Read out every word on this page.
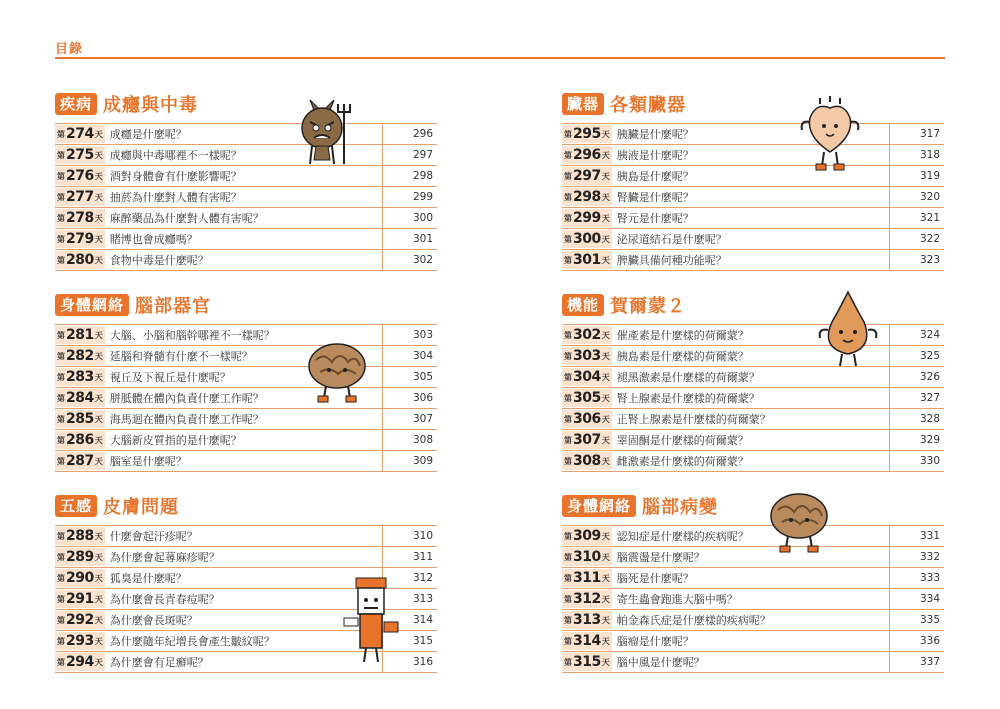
目錄
疾病 成癮與中毒
第 274 天 成癮是什麼呢？	296
第 275 天 成癮與中毒哪裡不一樣呢？	297
第 276 天 酒對身體會有什麼影響呢？	298
第 277 天 抽菸為什麼對人體有害呢？	299
第 278 天 麻醉藥品為什麼對人體有害呢？	300
第 279 天 賭博也會成癮嗎？	301
第 280 天 食物中毒是什麼呢？	302
身體網絡 腦部器官
第 281 天 大腦、小腦和腦幹哪裡不一樣呢？	303
第 282 天 延腦和脊髓有什麼不一樣呢？	304
第 283 天 視丘及下視丘是什麼呢？	305
第 284 天 胼胝體在體內負責什麼工作呢？	306
第 285 天 海馬迴在體內負責什麼工作呢？	307
第 286 天 大腦新皮質指的是什麼呢？	308
第 287 天 腦室是什麼呢？	309
五感 皮膚問題
第 288 天 什麼會起汗疹呢？	310
第 289 天 為什麼會起蕁麻疹呢？	311
第 290 天 狐臭是什麼呢？	312
第 291 天 為什麼會長青春痘呢？	313
第 292 天 為什麼會長斑呢？	314
第 293 天 為什麼隨年紀增長會產生皺紋呢？	315
第 294 天 為什麼會有足癬呢？	316
臟器 各類臟器
第 295 天 胰臟是什麼呢？	317
第 296 天 胰液是什麼呢？	318
第 297 天 胰島是什麼呢？	319
第 298 天 腎臟是什麼呢？	320
第 299 天 腎元是什麼呢？	321
第 300 天 泌尿道結石是什麼呢？	322
第 301 天 脾臟具備何種功能呢？	323
機能 賀爾蒙２
第 302 天 催產素是什麼樣的荷爾蒙？	324
第 303 天 胰島素是什麼樣的荷爾蒙？	325
第 304 天 褪黑激素是什麼樣的荷爾蒙？	326
第 305 天 腎上腺素是什麼樣的荷爾蒙？	327
第 306 天 正腎上腺素是什麼樣的荷爾蒙？	328
第 307 天 睪固酮是什麼樣的荷爾蒙？	329
第 308 天 雌激素是什麼樣的荷爾蒙？	330
身體網絡 腦部病變
第 309 天 認知症是什麼樣的疾病呢？	331
第 310 天 腦震盪是什麼呢？	332
第 311 天 腦死是什麼呢？	333
第 312 天 寄生蟲會跑進大腦中嗎？	334
第 313 天 帕金森氏症是什麼樣的疾病呢？	335
第 314 天 腦瘤是什麼呢？	336
第 315 天 腦中風是什麼呢？	337
